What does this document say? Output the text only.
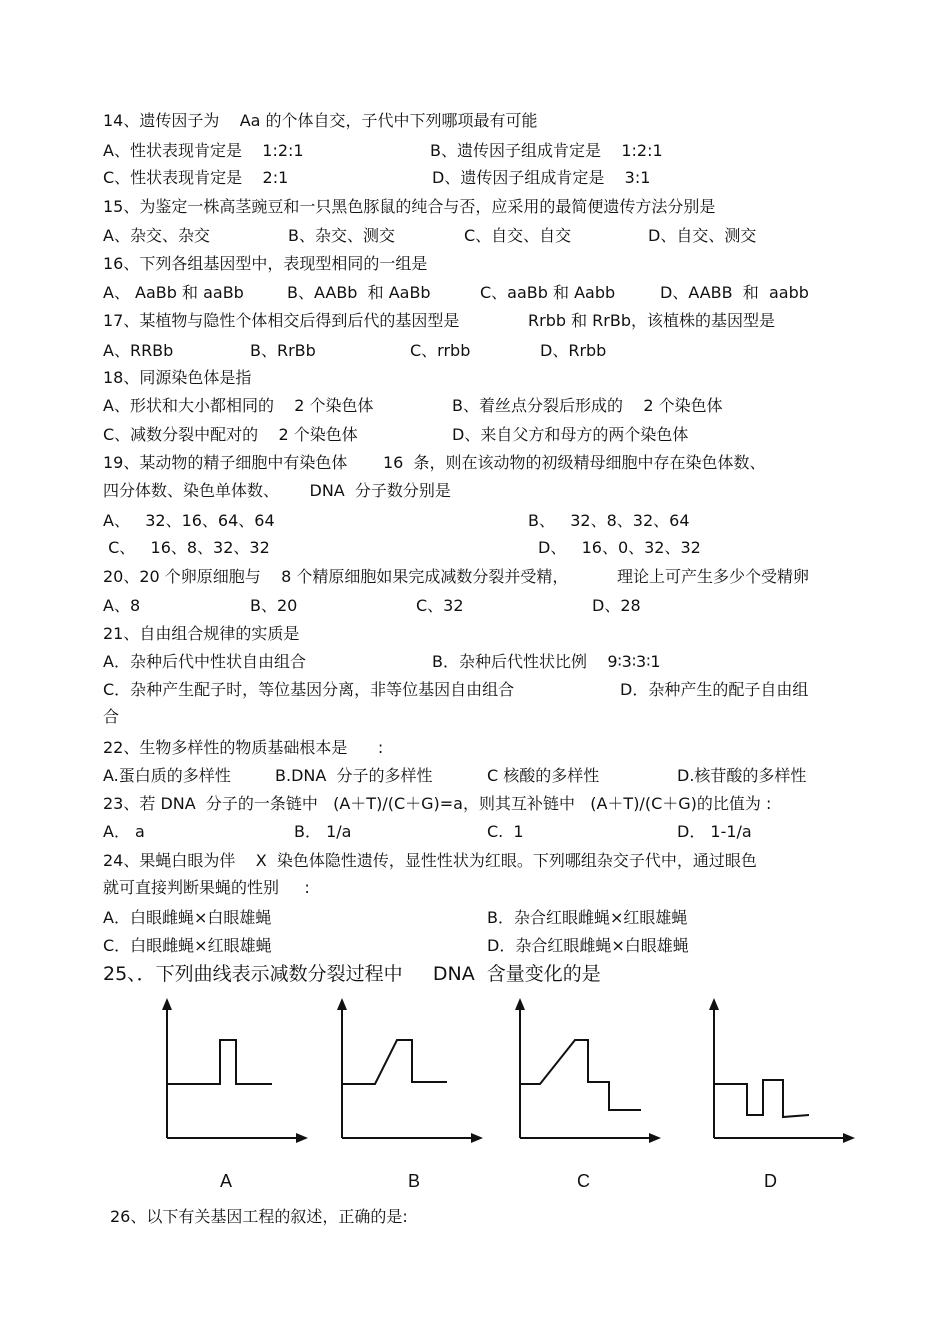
14、遗传因子为    Aa 的个体自交，子代中下列哪项最有可能
A、性状表现肯定是    1:2:1	B、遗传因子组成肯定是    1:2:1
C、性状表现肯定是    2:1	D、遗传因子组成肯定是    3:1
15、为鉴定一株高茎豌豆和一只黑色豚鼠的纯合与否，应采用的最简便遗传方法分别是
A、杂交、杂交	B、杂交、测交	C、自交、自交	D、自交、测交
16、下列各组基因型中，表现型相同的一组是
A、 AaBb 和 aaBb	B、AABb  和 AaBb	C、aaBb 和 Aabb	D、AABB  和  aabb
17、某植物与隐性个体相交后得到后代的基因型是	Rrbb 和 RrBb，该植株的基因型是
A、RRBb	B、RrBb	C、rrbb	D、Rrbb
18、同源染色体是指
A、形状和大小都相同的    2 个染色体	B、着丝点分裂后形成的    2 个染色体
C、减数分裂中配对的    2 个染色体	D、来自父方和母方的两个染色体
19、某动物的精子细胞中有染色体       16  条，则在该动物的初级精母细胞中存在染色体数、
四分体数、染色单体数、      DNA  分子数分别是
A、   32、16、64、64	B、   32、8、32、64
C、   16、8、32、32	D、   16、0、32、32
20、20 个卵原细胞与    8 个精原细胞如果完成减数分裂并受精，	理论上可产生多少个受精卵
A、8	B、20	C、32	D、28
21、自由组合规律的实质是
A．杂种后代中性状自由组合	B．杂种后代性状比例    9∶3∶3∶1
C．杂种产生配子时，等位基因分离，非等位基因自由组合	D．杂种产生的配子自由组
合
22、生物多样性的物质基础根本是      :
A.蛋白质的多样性	B.DNA  分子的多样性	C 核酸的多样性	D.核苷酸的多样性
23、若 DNA  分子的一条链中   (A＋T)/(C＋G)=a，则其互补链中   (A＋T)/(C＋G)的比值为 :
A． a	B． 1/a	C.  1	D． 1-1/a
24、果蝇白眼为伴    X  染色体隐性遗传，显性性状为红眼。下列哪组杂交子代中，通过眼色
就可直接判断果蝇的性别     :
A．白眼雌蝇×白眼雄蝇	B．杂合红眼雌蝇×红眼雄蝇
C．白眼雌蝇×红眼雄蝇	D．杂合红眼雌蝇×白眼雄蝇
25、．下列曲线表示减数分裂过程中     DNA  含量变化的是
A	B	C	D
26、以下有关基因工程的叙述，正确的是:
